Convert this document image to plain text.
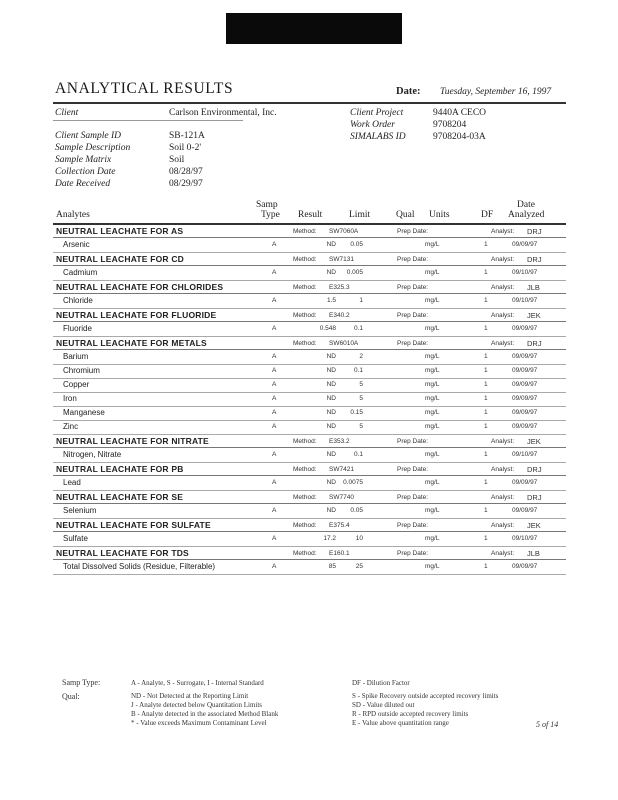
ANALYTICAL RESULTS	Date: Tuesday, September 16, 1997
Client	Carlson Environmental, Inc.
Client Sample ID	SB-121A
Sample Description	Soil 0-2'
Sample Matrix	Soil
Collection Date	08/28/97
Date Received	08/29/97
Client Project	9440A CECO
Work Order	9708204
SIMALABS ID	9708204-03A
Samp	Date
Analytes	Type Result	Limit	Qual Units	DF Analyzed
NEUTRAL LEACHATE FOR AS	Method: SW7060A	Prep Date:	Analyst: DRJ
Arsenic	A	ND	0.05	mg/L	1	09/09/97
NEUTRAL LEACHATE FOR CD	Method: SW7131	Prep Date:	Analyst: DRJ
Cadmium	A	ND	0.005	mg/L	1	09/10/97
NEUTRAL LEACHATE FOR CHLORIDES	Method: E325.3	Prep Date:	Analyst: JLB
Chloride	A	1.5	1	mg/L	1	09/10/97
NEUTRAL LEACHATE FOR FLUORIDE	Method: E340.2	Prep Date:	Analyst: JEK
Fluoride	A	0.548	0.1	mg/L	1	09/09/97
NEUTRAL LEACHATE FOR METALS	Method: SW6010A	Prep Date:	Analyst: DRJ
Barium	A	ND	2	mg/L	1	09/09/97
Chromium	A	ND	0.1	mg/L	1	09/09/97
Copper	A	ND	5	mg/L	1	09/09/97
Iron	A	ND	5	mg/L	1	09/09/97
Manganese	A	ND	0.15	mg/L	1	09/09/97
Zinc	A	ND	5	mg/L	1	09/09/97
NEUTRAL LEACHATE FOR NITRATE	Method: E353.2	Prep Date:	Analyst: JEK
Nitrogen, Nitrate	A	ND	0.1	mg/L	1	09/10/97
NEUTRAL LEACHATE FOR PB	Method: SW7421	Prep Date:	Analyst: DRJ
Lead	A	ND	0.0075	mg/L	1	09/09/97
NEUTRAL LEACHATE FOR SE	Method: SW7740	Prep Date:	Analyst: DRJ
Selenium	A	ND	0.05	mg/L	1	09/09/97
NEUTRAL LEACHATE FOR SULFATE	Method: E375.4	Prep Date:	Analyst: JEK
Sulfate	A	17.2	10	mg/L	1	09/10/97
NEUTRAL LEACHATE FOR TDS	Method: E160.1	Prep Date:	Analyst: JLB
Total Dissolved Solids (Residue, Filterable)	A	85	25	mg/L	1	09/09/97
Samp Type:	A - Analyte, S - Surrogate, I - Internal Standard	DF - Dilution Factor
Qual:	ND - Not Detected at the Reporting Limit
J - Analyte detected below Quantitation Limits
B - Analyte detected in the associated Method Blank
* - Value exceeds Maximum Contaminant Level
S - Spike Recovery outside accepted recovery limits
SD - Value diluted out
R - RPD outside accepted recovery limits
E - Value above quantitation range	5 of 14
